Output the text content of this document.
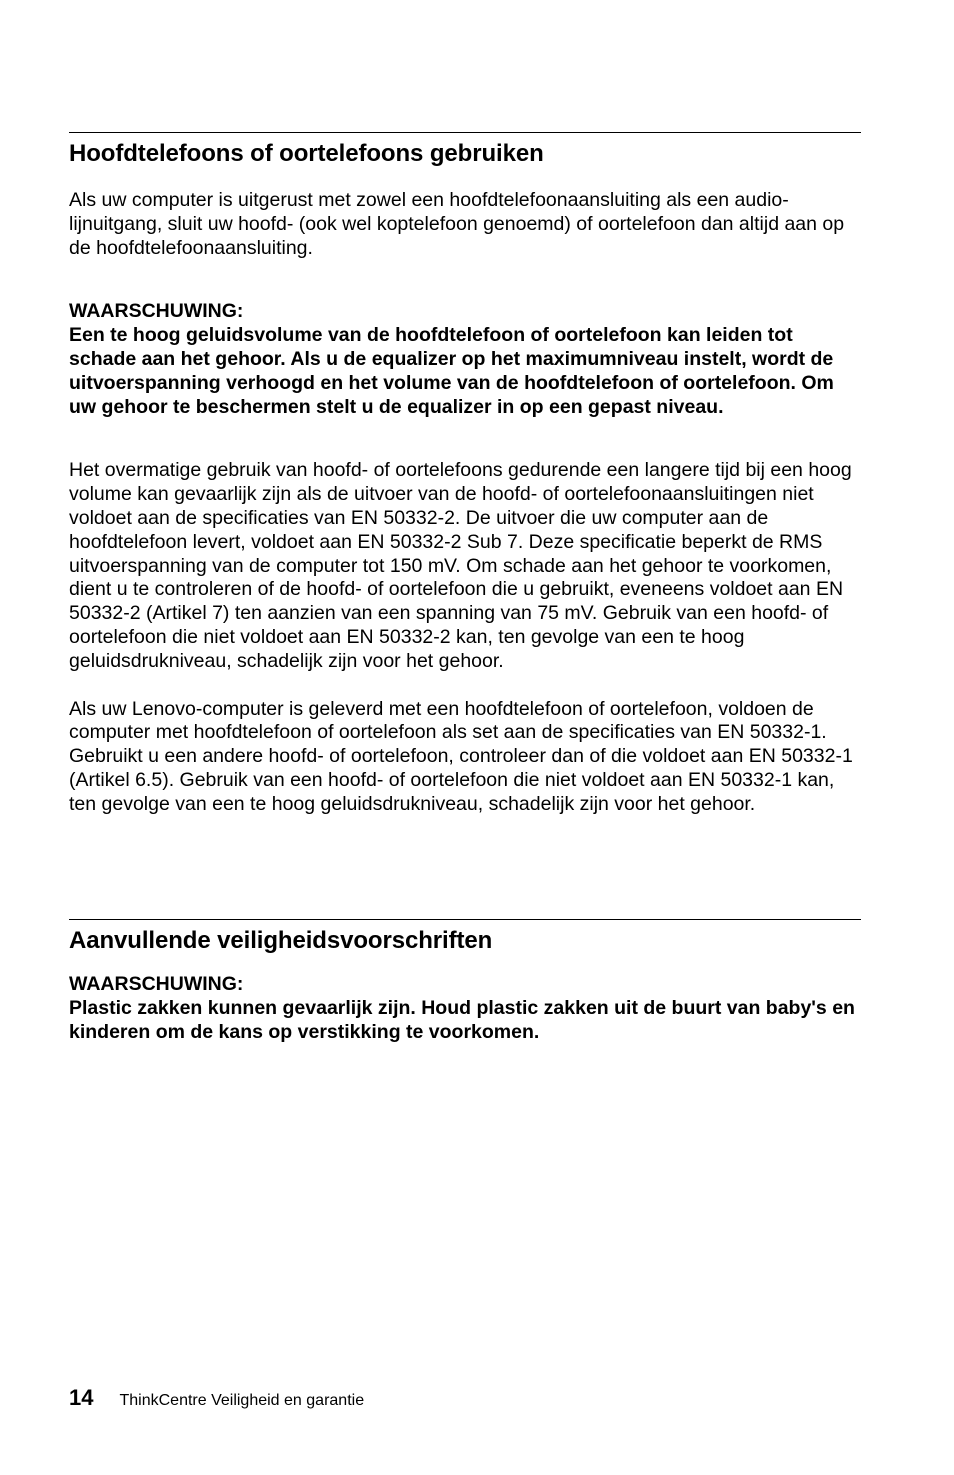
Hoofdtelefoons of oortelefoons gebruiken

Als uw computer is uitgerust met zowel een hoofdtelefoonaansluiting als een audio-lijnuitgang, sluit uw hoofd- (ook wel koptelefoon genoemd) of oortelefoon dan altijd aan op de hoofdtelefoonaansluiting.

WAARSCHUWING:

Een te hoog geluidsvolume van de hoofdtelefoon of oortelefoon kan leiden tot schade aan het gehoor. Als u de equalizer op het maximumniveau instelt, wordt de uitvoerspanning verhoogd en het volume van de hoofdtelefoon of oortelefoon. Om uw gehoor te beschermen stelt u de equalizer in op een gepast niveau.

Het overmatige gebruik van hoofd- of oortelefoons gedurende een langere tijd bij een hoog volume kan gevaarlijk zijn als de uitvoer van de hoofd- of oortelefoonaansluitingen niet voldoet aan de specificaties van EN 50332-2. De uitvoer die uw computer aan de hoofdtelefoon levert, voldoet aan EN 50332-2 Sub 7. Deze specificatie beperkt de RMS uitvoerspanning van de computer tot 150 mV. Om schade aan het gehoor te voorkomen, dient u te controleren of de hoofd- of oortelefoon die u gebruikt, eveneens voldoet aan EN 50332-2 (Artikel 7) ten aanzien van een spanning van 75 mV. Gebruik van een hoofd- of oortelefoon die niet voldoet aan EN 50332-2 kan, ten gevolge van een te hoog geluidsdrukniveau, schadelijk zijn voor het gehoor.

Als uw Lenovo-computer is geleverd met een hoofdtelefoon of oortelefoon, voldoen de computer met hoofdtelefoon of oortelefoon als set aan de specificaties van EN 50332-1. Gebruikt u een andere hoofd- of oortelefoon, controleer dan of die voldoet aan EN 50332-1 (Artikel 6.5). Gebruik van een hoofd- of oortelefoon die niet voldoet aan EN 50332-1 kan, ten gevolge van een te hoog geluidsdrukniveau, schadelijk zijn voor het gehoor.

Aanvullende veiligheidsvoorschriften

WAARSCHUWING:

Plastic zakken kunnen gevaarlijk zijn. Houd plastic zakken uit de buurt van baby's en kinderen om de kans op verstikking te voorkomen.

14 ThinkCentre Veiligheid en garantie
